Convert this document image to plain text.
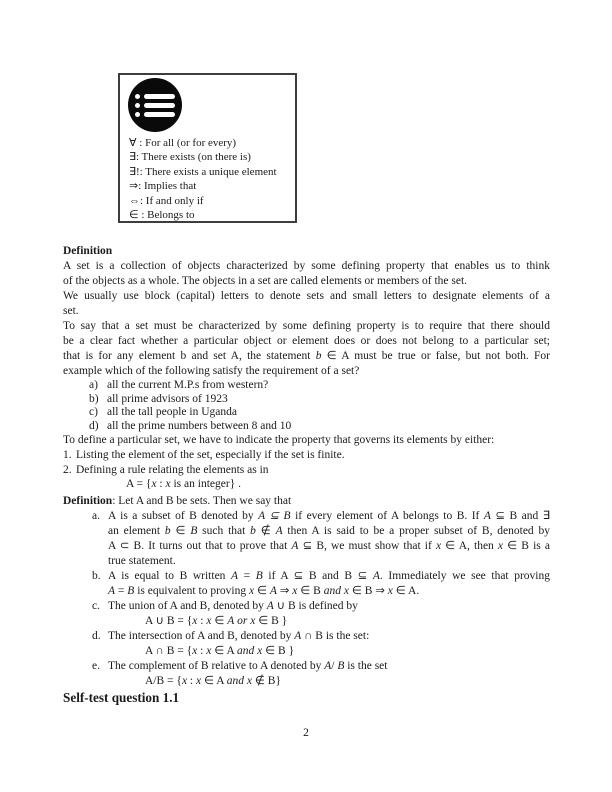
∀ : For all (or for every)
∃: There exists (on there is)
∃!: There exists a unique element
⇒: Implies that
⇔: If and only if
∈ : Belongs to
Definition
A set is a collection of objects characterized by some defining property that enables us to think
of the objects as a whole. The objects in a set are called elements or members of the set.
We usually use block (capital) letters to denote sets and small letters to designate elements of a
set.
To say that a set must be characterized by some defining property is to require that there should
be a clear fact whether a particular object or element does or does not belong to a particular set;
that is for any element b and set A, the statement b ∈ A must be true or false, but not both. For
example which of the following satisfy the requirement of a set?
a) all the current M.P.s from western?
b) all prime advisors of 1923
c) all the tall people in Uganda
d) all the prime numbers between 8 and 10
To define a particular set, we have to indicate the property that governs its elements by either:
1. Listing the element of the set, especially if the set is finite.
2. Defining a rule relating the elements as in
A = {x : x is an integer} .
Definition: Let A and B be sets. Then we say that
a. A is a subset of B denoted by A ⊆ B if every element of A belongs to B. If A ⊆ B and ∃
an element b ∈ B such that b ∉ A then A is said to be a proper subset of B, denoted by
A ⊂ B. It turns out that to prove that A ⊆ B, we must show that if x ∈ A, then x ∈ B is a
true statement.
b. A is equal to B written A = B if A ⊆ B and B ⊆ A. Immediately we see that proving
A = B is equivalent to proving x ∈ A ⇒ x ∈ B and x ∈ B ⇒ x ∈ A.
c. The union of A and B, denoted by A ∪ B is defined by
A ∪ B = {x : x ∈ A or x ∈ B }
d. The intersection of A and B, denoted by A ∩ B is the set:
A ∩ B = {x : x ∈ A and x ∈ B }
e. The complement of B relative to A denoted by A/ B is the set
A/B = {x : x ∈ A and x ∉ B}
Self-test question 1.1
2
